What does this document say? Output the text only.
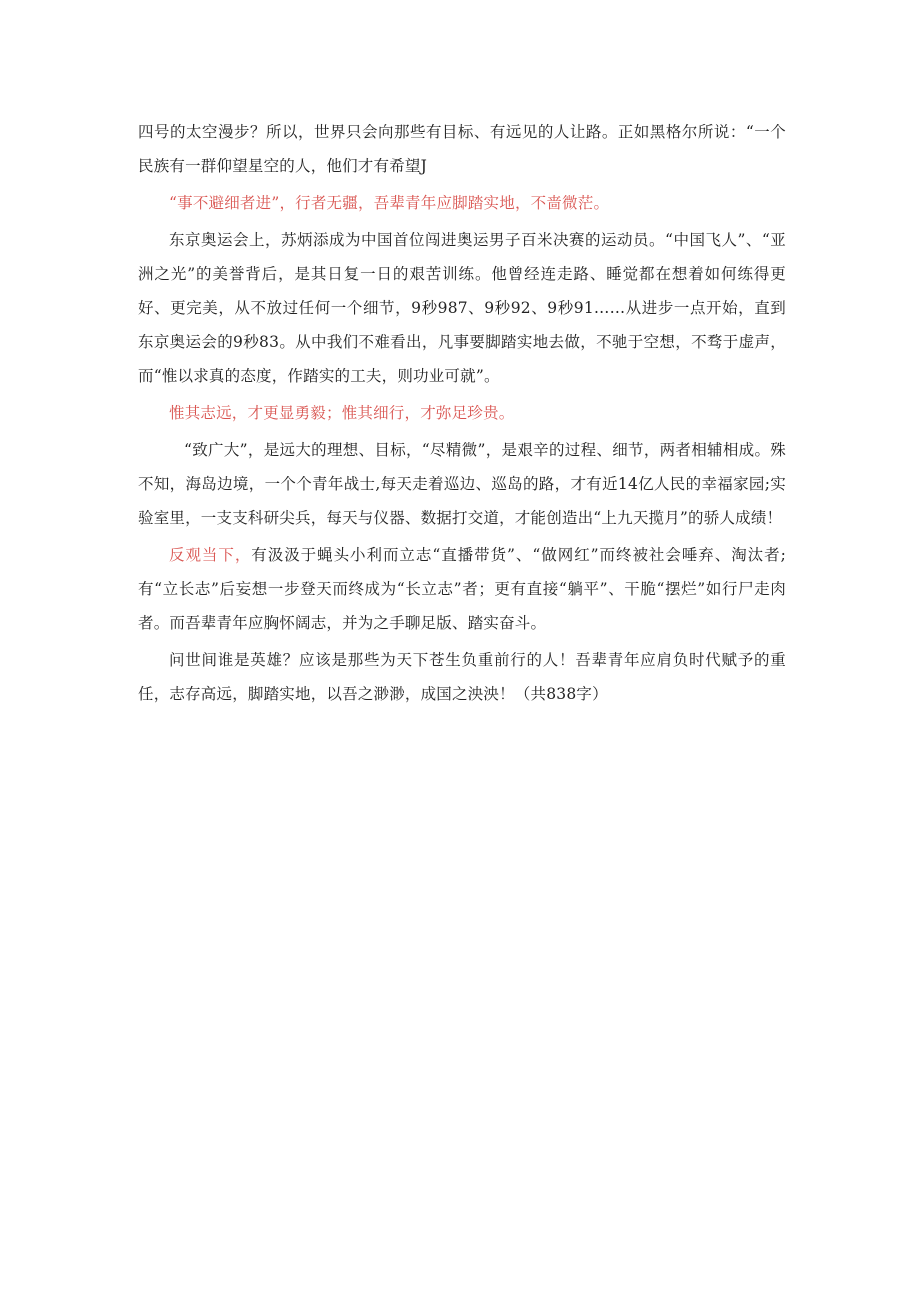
四号的太空漫步？所以，世界只会向那些有目标、有远见的人让路。正如黑格尔所说：“一个民族有一群仰望星空的人，他们才有希望J

“事不避细者进”，行者无疆，吾辈青年应脚踏实地，不啬微茫。

东京奥运会上，苏炳添成为中国首位闯进奥运男子百米决赛的运动员。“中国飞人”、“亚洲之光”的美誉背后，是其日复一日的艰苦训练。他曾经连走路、睡觉都在想着如何练得更好、更完美，从不放过任何一个细节，9秒987、9秒92、9秒91……从进步一点开始，直到东京奥运会的9秒83。从中我们不难看出，凡事要脚踏实地去做，不驰于空想，不骛于虚声，而“惟以求真的态度，作踏实的工夫，则功业可就”。

惟其志远，才更显勇毅；惟其细行，才弥足珍贵。

“致广大”，是远大的理想、目标，“尽精微”，是艰辛的过程、细节，两者相辅相成。殊不知，海岛边境，一个个青年战士,每天走着巡边、巡岛的路，才有近14亿人民的幸福家园;实验室里，一支支科研尖兵，每天与仪器、数据打交道，才能创造出“上九天揽月”的骄人成绩！

反观当下，有汲汲于蝇头小利而立志“直播带货”、“做网红”而终被社会唾弃、淘汰者;有“立长志”后妄想一步登天而终成为“长立志”者；更有直接“躺平”、干脆“摆烂”如行尸走肉者。而吾辈青年应胸怀阔志，并为之手聊足版、踏实奋斗。

问世间谁是英雄？应该是那些为天下苍生负重前行的人！吾辈青年应肩负时代赋予的重任，志存高远，脚踏实地，以吾之渺渺，成国之泱泱！（共838字）
